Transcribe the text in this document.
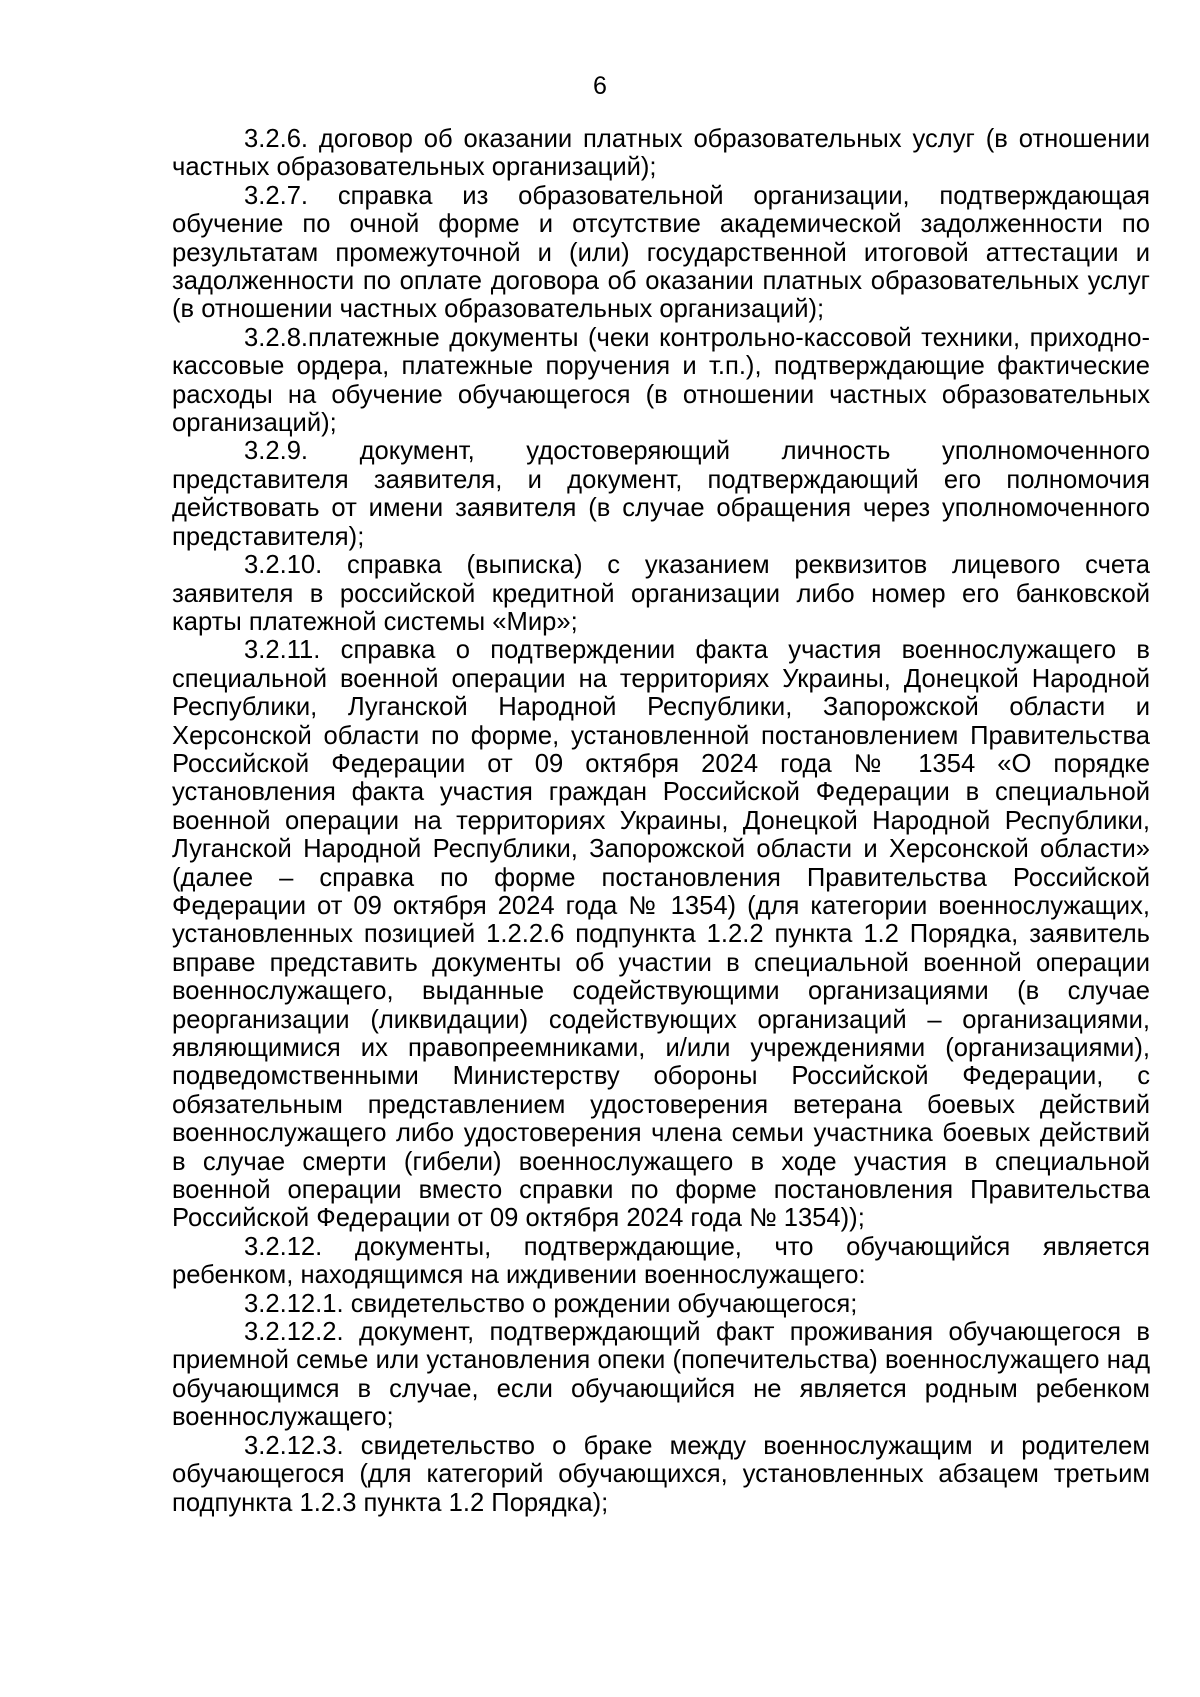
6

3.2.6. договор об оказании платных образовательных услуг (в отношении частных образовательных организаций);

3.2.7. справка из образовательной организации, подтверждающая обучение по очной форме и отсутствие академической задолженности по результатам промежуточной и (или) государственной итоговой аттестации и задолженности по оплате договора об оказании платных образовательных услуг (в отношении частных образовательных организаций);

3.2.8.платежные документы (чеки контрольно-кассовой техники, приходно-кассовые ордера, платежные поручения и т.п.), подтверждающие фактические расходы на обучение обучающегося (в отношении частных образовательных организаций);

3.2.9. документ, удостоверяющий личность уполномоченного представителя заявителя, и документ, подтверждающий его полномочия действовать от имени заявителя (в случае обращения через уполномоченного представителя);

3.2.10. справка (выписка) с указанием реквизитов лицевого счета заявителя в российской кредитной организации либо номер его банковской карты платежной системы «Мир»;

3.2.11. справка о подтверждении факта участия военнослужащего в специальной военной операции на территориях Украины, Донецкой Народной Республики, Луганской Народной Республики, Запорожской области и Херсонской области по форме, установленной постановлением Правительства Российской Федерации от 09 октября 2024 года № 1354 «О порядке установления факта участия граждан Российской Федерации в специальной военной операции на территориях Украины, Донецкой Народной Республики, Луганской Народной Республики, Запорожской области и Херсонской области» (далее – справка по форме постановления Правительства Российской Федерации от 09 октября 2024 года № 1354) (для категории военнослужащих, установленных позицией 1.2.2.6 подпункта 1.2.2 пункта 1.2 Порядка, заявитель вправе представить документы об участии в специальной военной операции военнослужащего, выданные содействующими организациями (в случае реорганизации (ликвидации) содействующих организаций – организациями, являющимися их правопреемниками, и/или учреждениями (организациями), подведомственными Министерству обороны Российской Федерации, с обязательным представлением удостоверения ветерана боевых действий военнослужащего либо удостоверения члена семьи участника боевых действий в случае смерти (гибели) военнослужащего в ходе участия в специальной военной операции вместо справки по форме постановления Правительства Российской Федерации от 09 октября 2024 года № 1354));

3.2.12. документы, подтверждающие, что обучающийся является ребенком, находящимся на иждивении военнослужащего:

3.2.12.1. свидетельство о рождении обучающегося;

3.2.12.2. документ, подтверждающий факт проживания обучающегося в приемной семье или установления опеки (попечительства) военнослужащего над обучающимся в случае, если обучающийся не является родным ребенком военнослужащего;

3.2.12.3. свидетельство о браке между военнослужащим и родителем обучающегося (для категорий обучающихся, установленных абзацем третьим подпункта 1.2.3 пункта 1.2 Порядка);
